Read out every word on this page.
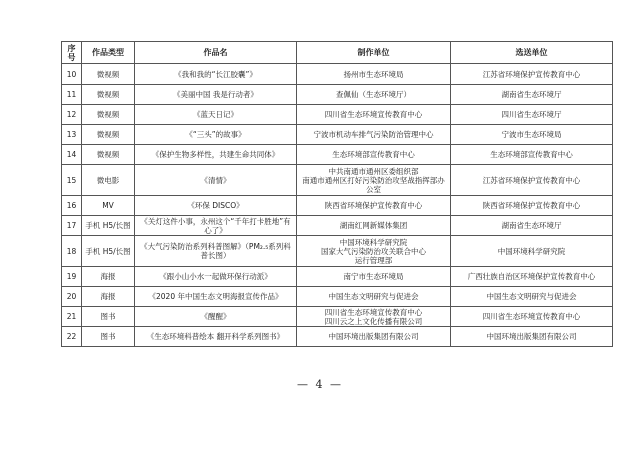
序号	作品类型	作品名	制作单位	选送单位
10	微视频	《我和我的“长江胶囊”》	扬州市生态环境局	江苏省环境保护宣传教育中心
11	微视频	《美丽中国 我是行动者》	查佩仙（生态环境厅）	湖南省生态环境厅
12	微视频	《蓝天日记》	四川省生态环境宣传教育中心	四川省生态环境厅
13	微视频	《“三头”的故事》	宁波市机动车排气污染防治管理中心	宁波市生态环境局
14	微视频	《保护生物多样性，共建生命共同体》	生态环境部宣传教育中心	生态环境部宣传教育中心
15	微电影	《清情》	中共南通市通州区委组织部
南通市通州区打好污染防治攻坚战指挥部办公室	江苏省环境保护宣传教育中心
16	MV	《环保 DISCO》	陕西省环境保护宣传教育中心	陕西省环境保护宣传教育中心
17	手机 H5/长图	《关灯这件小事，永州这个“千年打卡胜地”有心了》	湖南红网新媒体集团	湖南省生态环境厅
18	手机 H5/长图	《大气污染防治系列科普图解》（PM₂.₅系列科普长图）	中国环境科学研究院
国家大气污染防治攻关联合中心
运行管理部	中国环境科学研究院
19	海报	《跟小山小水一起做环保行动派》	南宁市生态环境局	广西壮族自治区环境保护宣传教育中心
20	海报	《2020 年中国生态文明海报宣传作品》	中国生态文明研究与促进会	中国生态文明研究与促进会
21	图书	《醒醒》	四川省生态环境宣传教育中心
四川云之上文化传播有限公司	四川省生态环境宣传教育中心
22	图书	《生态环境科普绘本 翻开科学系列图书》	中国环境出版集团有限公司	中国环境出版集团有限公司
— 4 —
